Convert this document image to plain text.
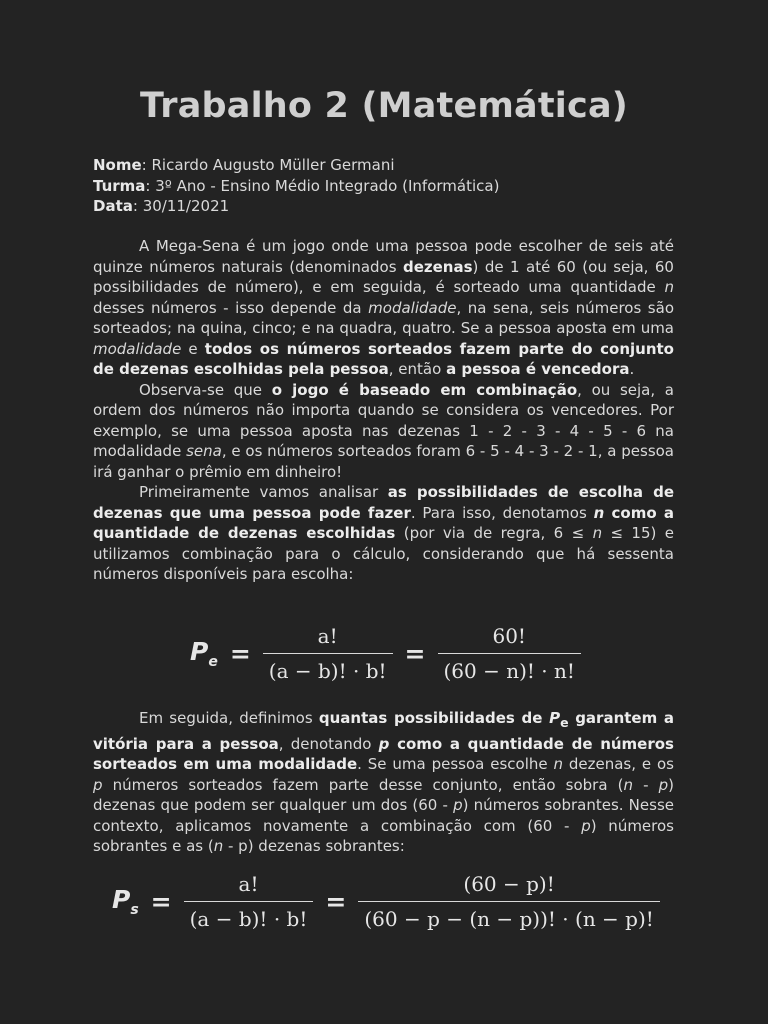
Trabalho 2 (Matemática)
Nome: Ricardo Augusto Müller Germani
Turma: 3º Ano - Ensino Médio Integrado (Informática)
Data: 30/11/2021

A Mega-Sena é um jogo onde uma pessoa pode escolher de seis até quinze números naturais (denominados dezenas) de 1 até 60 (ou seja, 60 possibilidades de número), e em seguida, é sorteado uma quantidade n desses números - isso depende da modalidade, na sena, seis números são sorteados; na quina, cinco; e na quadra, quatro. Se a pessoa aposta em uma modalidade e todos os números sorteados fazem parte do conjunto de dezenas escolhidas pela pessoa, então a pessoa é vencedora.

Observa-se que o jogo é baseado em combinação, ou seja, a ordem dos números não importa quando se considera os vencedores. Por exemplo, se uma pessoa aposta nas dezenas 1 - 2 - 3 - 4 - 5 - 6 na modalidade sena, e os números sorteados foram 6 - 5 - 4 - 3 - 2 - 1, a pessoa irá ganhar o prêmio em dinheiro!

Primeiramente vamos analisar as possibilidades de escolha de dezenas que uma pessoa pode fazer. Para isso, denotamos n como a quantidade de dezenas escolhidas (por via de regra, 6 ≤ n ≤ 15) e utilizamos combinação para o cálculo, considerando que há sessenta números disponíveis para escolha:

$P_e = \frac{a!}{(a - b)! \cdot b!} = \frac{60!}{(60 - n)! \cdot n!}$

Em seguida, definimos quantas possibilidades de $P_e$ garantem a vitória para a pessoa, denotando p como a quantidade de números sorteados em uma modalidade. Se uma pessoa escolhe n dezenas, e os p números sorteados fazem parte desse conjunto, então sobra (n - p) dezenas que podem ser qualquer um dos (60 - p) números sobrantes. Nesse contexto, aplicamos novamente a combinação com (60 - p) números sobrantes e as (n - p) dezenas sobrantes:

$P_s = \frac{a!}{(a - b)! \cdot b!} = \frac{(60 - p)!}{(60 - p - (n - p))! \cdot (n - p)!}$
